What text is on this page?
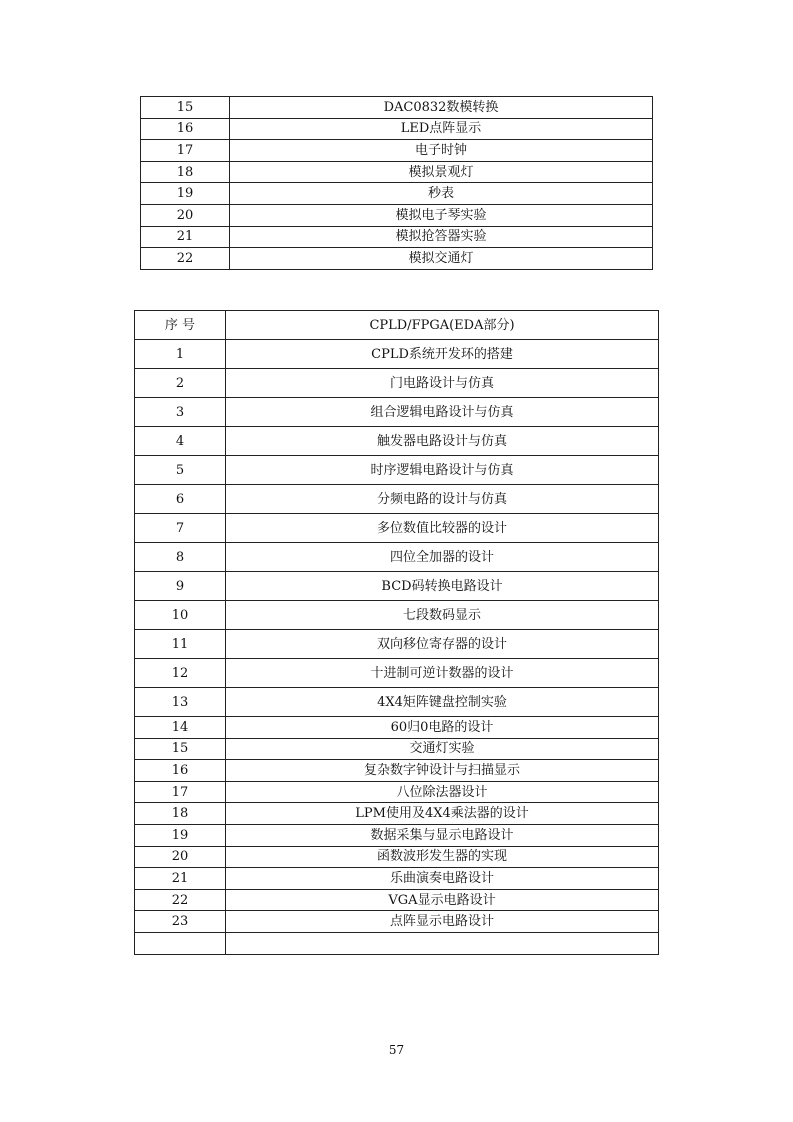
15	DAC0832数模转换
16	LED点阵显示
17	电子时钟
18	模拟景观灯
19	秒表
20	模拟电子琴实验
21	模拟抢答器实验
22	模拟交通灯
序 号	CPLD/FPGA(EDA部分)
1	CPLD系统开发环的搭建
2	门电路设计与仿真
3	组合逻辑电路设计与仿真
4	触发器电路设计与仿真
5	时序逻辑电路设计与仿真
6	分频电路的设计与仿真
7	多位数值比较器的设计
8	四位全加器的设计
9	BCD码转换电路设计
10	七段数码显示
11	双向移位寄存器的设计
12	十进制可逆计数器的设计
13	4X4矩阵键盘控制实验
14	60归0电路的设计
15	交通灯实验
16	复杂数字钟设计与扫描显示
17	八位除法器设计
18	LPM使用及4X4乘法器的设计
19	数据采集与显示电路设计
20	函数波形发生器的实现
21	乐曲演奏电路设计
22	VGA显示电路设计
23	点阵显示电路设计

57
